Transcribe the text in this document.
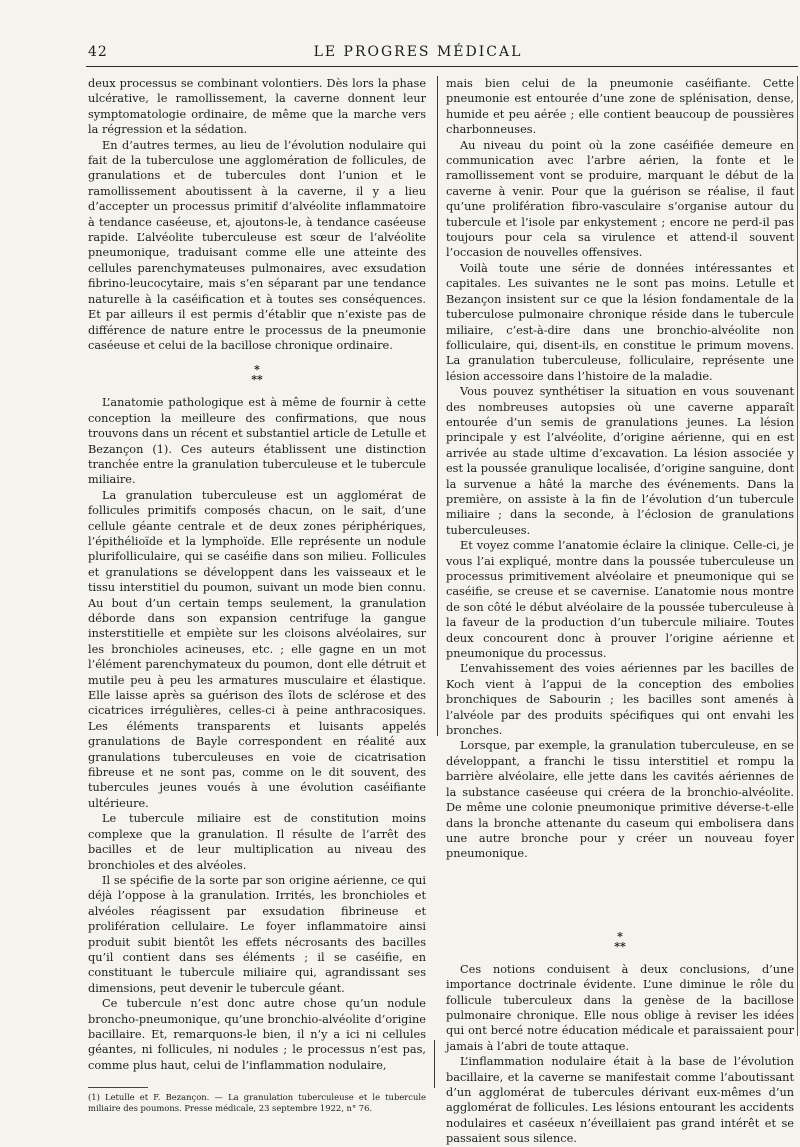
42	LE PROGRES MÉDICAL

deux processus se combinant volontiers. Dès lors la phase ulcérative, le ramollissement, la caverne donnent leur symptomatologie ordinaire, de même que la marche vers la régression et la sédation.

En d’autres termes, au lieu de l’évolution nodulaire qui fait de la tuberculose une agglomération de follicules, de granulations et de tubercules dont l’union et le ramollissement aboutissent à la caverne, il y a lieu d’accepter un processus primitif d’alvéolite inflammatoire à tendance caséeuse, et, ajoutons-le, à tendance caséeuse rapide. L’alvéolite tuberculeuse est sœur de l’alvéolite pneumonique, traduisant comme elle une atteinte des cellules parenchymateuses pulmonaires, avec exsudation fibrino-leucocytaire, mais s’en séparant par une tendance naturelle à la caséification et à toutes ses conséquences. Et par ailleurs il est permis d’établir que n’existe pas de différence de nature entre le processus de la pneumonie caséeuse et celui de la bacillose chronique ordinaire.

*
**

L’anatomie pathologique est à même de fournir à cette conception la meilleure des confirmations, que nous trouvons dans un récent et substantiel article de Letulle et Bezançon (1). Ces auteurs établissent une distinction tranchée entre la granulation tuberculeuse et le tubercule miliaire.

La granulation tuberculeuse est un agglomérat de follicules primitifs composés chacun, on le sait, d’une cellule géante centrale et de deux zones périphériques, l’épithélioïde et la lymphoïde. Elle représente un nodule plurifolliculaire, qui se caséifie dans son milieu. Follicules et granulations se développent dans les vaisseaux et le tissu interstitiel du poumon, suivant un mode bien connu. Au bout d’un certain temps seulement, la granulation déborde dans son expansion centrifuge la gangue insterstitielle et empiète sur les cloisons alvéolaires, sur les bronchioles acineuses, etc. ; elle gagne en un mot l’élément parenchymateux du poumon, dont elle détruit et mutile peu à peu les armatures musculaire et élastique. Elle laisse après sa guérison des îlots de sclérose et des cicatrices irrégulières, celles-ci à peine anthracosiques. Les éléments transparents et luisants appelés granulations de Bayle correspondent en réalité aux granulations tuberculeuses en voie de cicatrisation fibreuse et ne sont pas, comme on le dit souvent, des tubercules jeunes voués à une évolution caséifiante ultérieure.

Le tubercule miliaire est de constitution moins complexe que la granulation. Il résulte de l’arrêt des bacilles et de leur multiplication au niveau des bronchioles et des alvéoles.

Il se spécifie de la sorte par son origine aérienne, ce qui déjà l’oppose à la granulation. Irrités, les bronchioles et alvéoles réagissent par exsudation fibrineuse et prolifération cellulaire. Le foyer inflammatoire ainsi produit subit bientôt les effets nécrosants des bacilles qu’il contient dans ses éléments ; il se caséifie, en constituant le tubercule miliaire qui, agrandissant ses dimensions, peut devenir le tubercule géant.

Ce tubercule n’est donc autre chose qu’un nodule broncho-pneumonique, qu’une bronchio-alvéolite d’origine bacillaire. Et, remarquons-le bien, il n’y a ici ni cellules géantes, ni follicules, ni nodules ; le processus n’est pas, comme plus haut, celui de l’inflammation nodulaire,

(1) Letulle et F. Bezançon. — La granulation tuberculeuse et le tubercule miliaire des poumons. Presse médicale, 23 septembre 1922, n° 76.

mais bien celui de la pneumonie caséifiante. Cette pneumonie est entourée d’une zone de splénisation, dense, humide et peu aérée ; elle contient beaucoup de poussières charbonneuses.

Au niveau du point où la zone caséifiée demeure en communication avec l’arbre aérien, la fonte et le ramollissement vont se produire, marquant le début de la caverne à venir. Pour que la guérison se réalise, il faut qu’une prolifération fibro-vasculaire s’organise autour du tubercule et l’isole par enkystement ; encore ne perd-il pas toujours pour cela sa virulence et attend-il souvent l’occasion de nouvelles offensives.

Voilà toute une série de données intéressantes et capitales. Les suivantes ne le sont pas moins. Letulle et Bezançon insistent sur ce que la lésion fondamentale de la tuberculose pulmonaire chronique réside dans le tubercule miliaire, c’est-à-dire dans une bronchio-alvéolite non folliculaire, qui, disent-ils, en constitue le primum movens. La granulation tuberculeuse, folliculaire, représente une lésion accessoire dans l’histoire de la maladie.

Vous pouvez synthétiser la situation en vous souvenant des nombreuses autopsies où une caverne apparaît entourée d’un semis de granulations jeunes. La lésion principale y est l’alvéolite, d’origine aérienne, qui en est arrivée au stade ultime d’excavation. La lésion associée y est la poussée granulique localisée, d’origine sanguine, dont la survenue a hâté la marche des événements. Dans la première, on assiste à la fin de l’évolution d’un tubercule miliaire ; dans la seconde, à l’éclosion de granulations tuberculeuses.

Et voyez comme l’anatomie éclaire la clinique. Celle-ci, je vous l’ai expliqué, montre dans la poussée tuberculeuse un processus primitivement alvéolaire et pneumonique qui se caséifie, se creuse et se cavernise. L’anatomie nous montre de son côté le début alvéolaire de la poussée tuberculeuse à la faveur de la production d’un tubercule miliaire. Toutes deux concourent donc à prouver l’origine aérienne et pneumonique du processus.

L’envahissement des voies aériennes par les bacilles de Koch vient à l’appui de la conception des embolies bronchiques de Sabourin ; les bacilles sont amenés à l’alvéole par des produits spécifiques qui ont envahi les bronches.

Lorsque, par exemple, la granulation tuberculeuse, en se développant, a franchi le tissu interstitiel et rompu la barrière alvéolaire, elle jette dans les cavités aériennes de la substance caséeuse qui créera de la bronchio-alvéolite. De même une colonie pneumonique primitive déverse-t-elle dans la bronche attenante du caseum qui embolisera dans une autre bronche pour y créer un nouveau foyer pneumonique.

*
**

Ces notions conduisent à deux conclusions, d’une importance doctrinale évidente. L’une diminue le rôle du follicule tuberculeux dans la genèse de la bacillose pulmonaire chronique. Elle nous oblige à reviser les idées qui ont bercé notre éducation médicale et paraissaient pour jamais à l’abri de toute attaque.

L’inflammation nodulaire était à la base de l’évolution bacillaire, et la caverne se manifestait comme l’aboutissant d’un agglomérat de tubercules dérivant eux-mêmes d’un agglomérat de follicules. Les lésions entourant les accidents nodulaires et caséeux n’éveillaient pas grand intérêt et se passaient sous silence.
